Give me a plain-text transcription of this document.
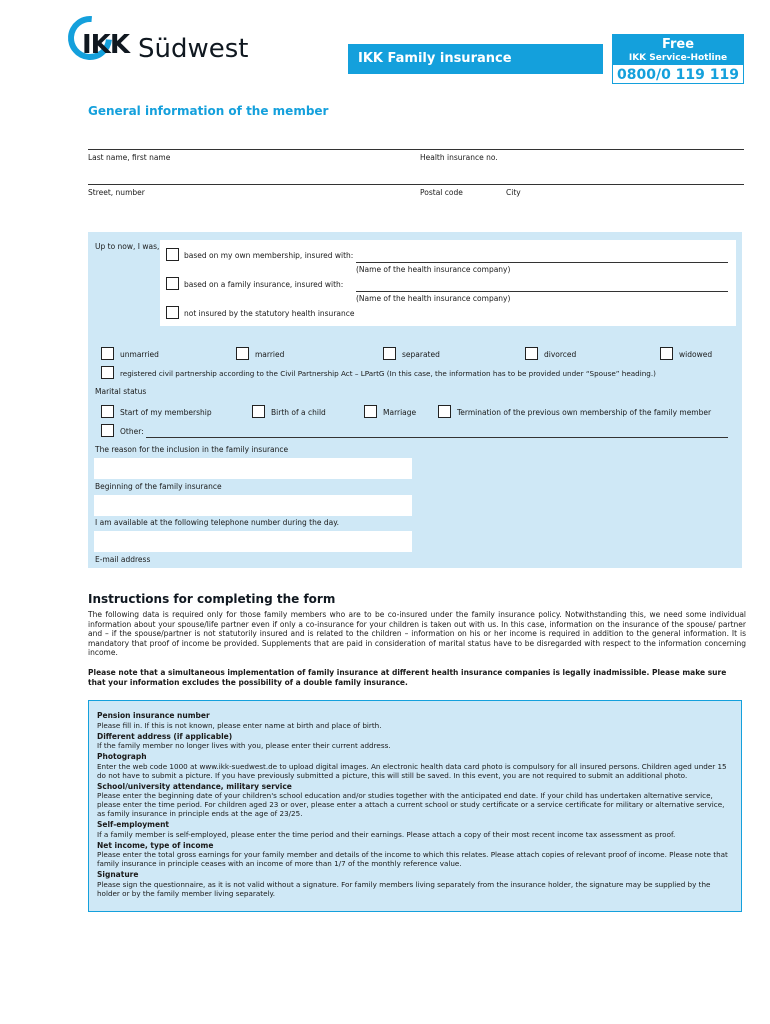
IKK Südwest	IKK Family insurance
Free
IKK Service-Hotline
0800/0 119 119
General information of the member
Last name, first name	Health insurance no.
Street, number	Postal code	City
Up to now, I was,
based on my own membership, insured with:
(Name of the health insurance company)
based on a family insurance, insured with:
(Name of the health insurance company)
not insured by the statutory health insurance
unmarried	married	separated	divorced	widowed
registered civil partnership according to the Civil Partnership Act – LPartG (In this case, the information has to be provided under “Spouse” heading.)
Marital status
Start of my membership	Birth of a child	Marriage	Termination of the previous own membership of the family member
Other:
The reason for the inclusion in the family insurance
Beginning of the family insurance
I am available at the following telephone number during the day.
E-mail address
Instructions for completing the form
The following data is required only for those family members who are to be co-insured under the family insurance policy. Notwithstanding this, we need some individual information about your spouse/life partner even if only a co-insurance for your children is taken out with us. In this case, information on the insurance of the spouse/ partner and – if the spouse/partner is not statutorily insured and is related to the children – information on his or her income is required in addition to the general information. It is mandatory that proof of income be provided. Supplements that are paid in consideration of marital status have to be disregarded with respect to the information concerning income.
Please note that a simultaneous implementation of family insurance at different health insurance companies is legally inadmissible. Please make sure that your information excludes the possibility of a double family insurance.
Pension insurance number
Please fill in. If this is not known, please enter name at birth and place of birth.
Different address (if applicable)
If the family member no longer lives with you, please enter their current address.
Photograph
Enter the web code 1000 at www.ikk-suedwest.de to upload digital images. An electronic health data card photo is compulsory for all insured persons. Children aged under 15 do not have to submit a picture. If you have previously submitted a picture, this will still be saved. In this event, you are not required to submit an additional photo.
School/university attendance, military service
Please enter the beginning date of your children's school education and/or studies together with the anticipated end date. If your child has undertaken alternative service, please enter the time period. For children aged 23 or over, please enter a attach a current school or study certificate or a service certificate for military or alternative service, as family insurance in principle ends at the age of 23/25.
Self-employment
If a family member is self-employed, please enter the time period and their earnings. Please attach a copy of their most recent income tax assessment as proof.
Net income, type of income
Please enter the total gross earnings for your family member and details of the income to which this relates. Please attach copies of relevant proof of income. Please note that family insurance in principle ceases with an income of more than 1/7 of the monthly reference value.
Signature
Please sign the questionnaire, as it is not valid without a signature. For family members living separately from the insurance holder, the signature may be supplied by the holder or by the family member living separately.
